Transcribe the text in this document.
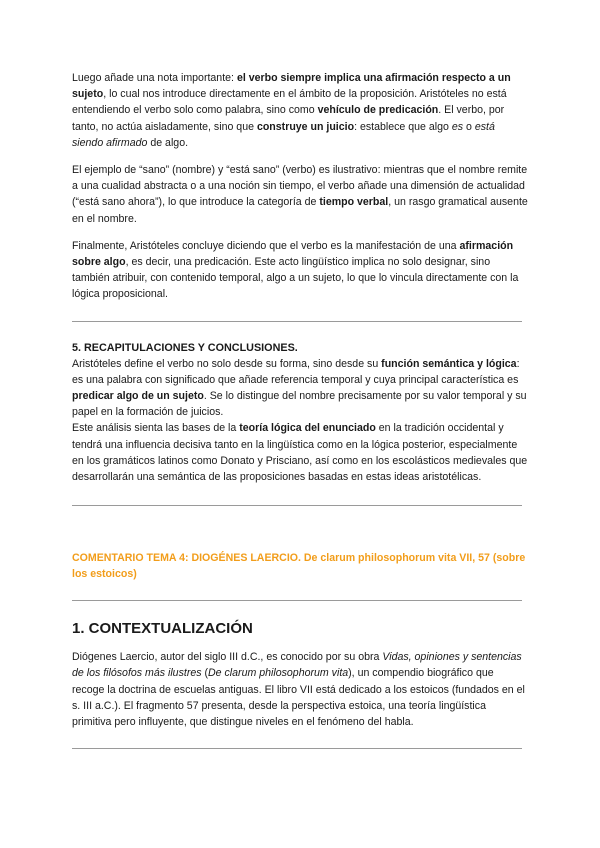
Luego añade una nota importante: el verbo siempre implica una afirmación respecto a un sujeto, lo cual nos introduce directamente en el ámbito de la proposición. Aristóteles no está entendiendo el verbo solo como palabra, sino como vehículo de predicación. El verbo, por tanto, no actúa aisladamente, sino que construye un juicio: establece que algo es o está siendo afirmado de algo.

El ejemplo de “sano” (nombre) y “está sano” (verbo) es ilustrativo: mientras que el nombre remite a una cualidad abstracta o a una noción sin tiempo, el verbo añade una dimensión de actualidad (“está sano ahora”), lo que introduce la categoría de tiempo verbal, un rasgo gramatical ausente en el nombre.

Finalmente, Aristóteles concluye diciendo que el verbo es la manifestación de una afirmación sobre algo, es decir, una predicación. Este acto lingüístico implica no solo designar, sino también atribuir, con contenido temporal, algo a un sujeto, lo que lo vincula directamente con la lógica proposicional.

5. RECAPITULACIONES Y CONCLUSIONES.

Aristóteles define el verbo no solo desde su forma, sino desde su función semántica y lógica: es una palabra con significado que añade referencia temporal y cuya principal característica es predicar algo de un sujeto. Se lo distingue del nombre precisamente por su valor temporal y su papel en la formación de juicios.

Este análisis sienta las bases de la teoría lógica del enunciado en la tradición occidental y tendrá una influencia decisiva tanto en la lingüística como en la lógica posterior, especialmente en los gramáticos latinos como Donato y Prisciano, así como en los escolásticos medievales que desarrollarán una semántica de las proposiciones basadas en estas ideas aristotélicas.

COMENTARIO TEMA 4: DIOGÉNES LAERCIO. De clarum philosophorum vita VII, 57 (sobre los estoicos)

1. CONTEXTUALIZACIÓN

Diógenes Laercio, autor del siglo III d.C., es conocido por su obra Vidas, opiniones y sentencias de los filósofos más ilustres (De clarum philosophorum vita), un compendio biográfico que recoge la doctrina de escuelas antiguas. El libro VII está dedicado a los estoicos (fundados en el s. III a.C.). El fragmento 57 presenta, desde la perspectiva estoica, una teoría lingüística primitiva pero influyente, que distingue niveles en el fenómeno del habla.
